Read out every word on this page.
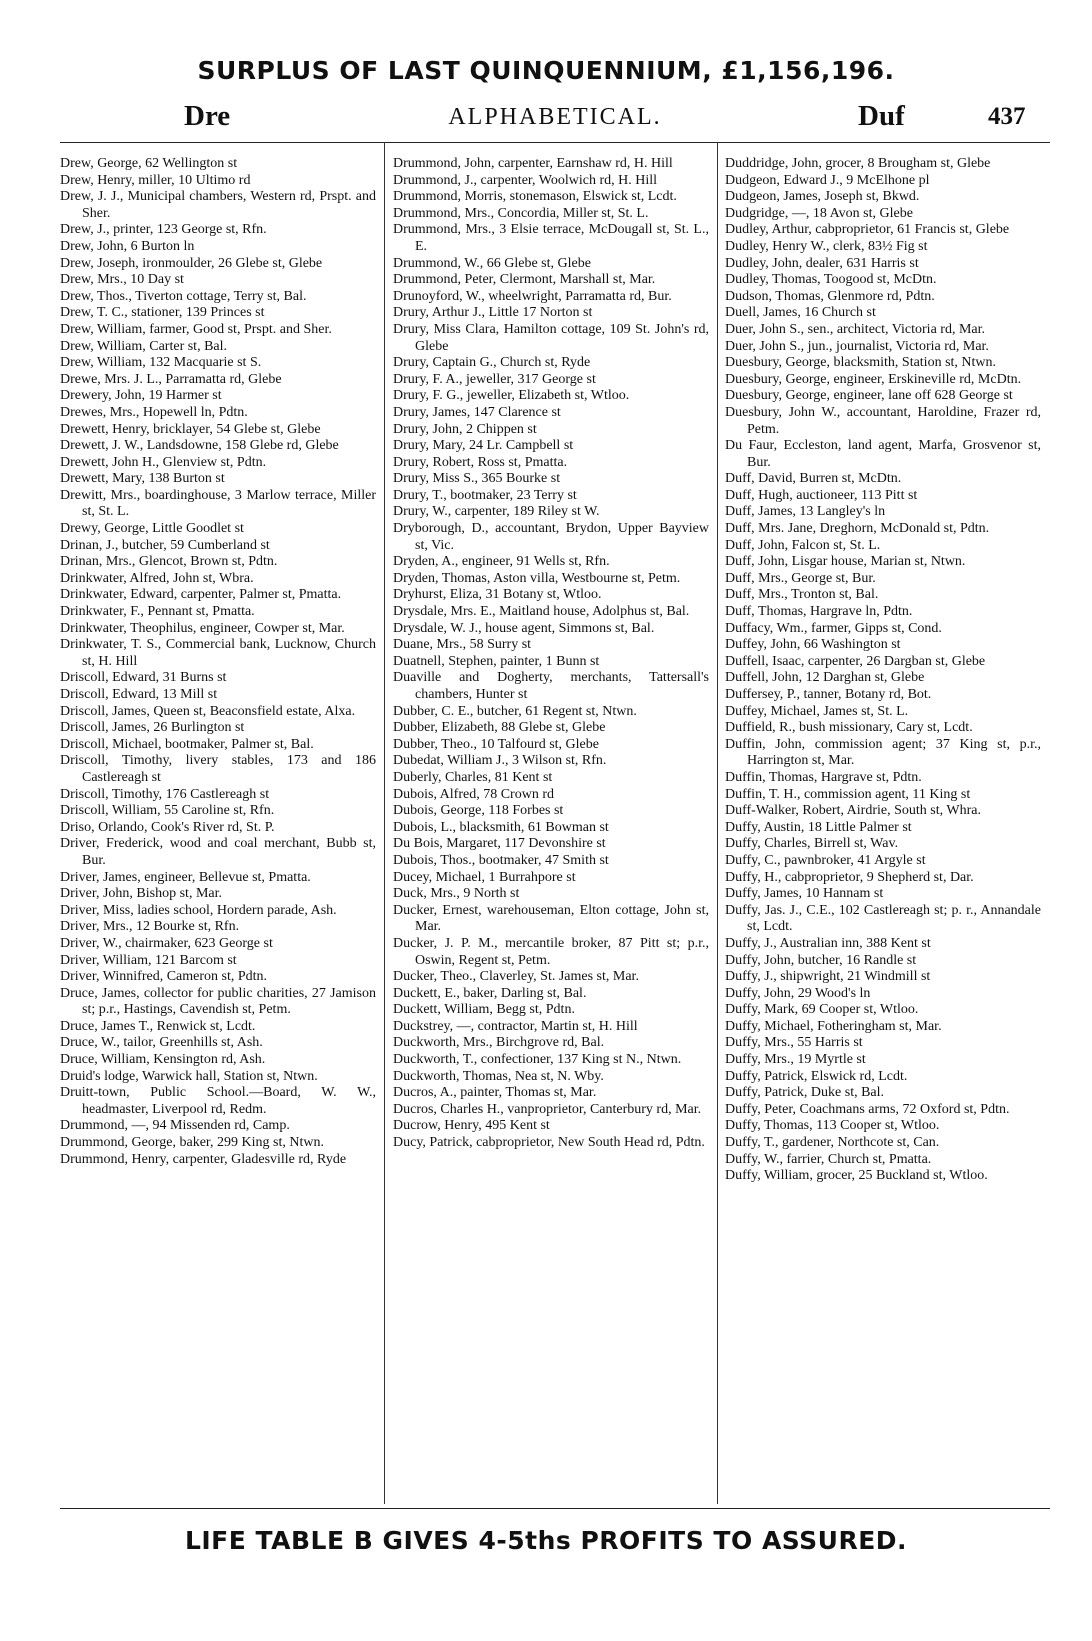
SURPLUS OF LAST QUINQUENNIUM, £1,156,196.
Dre	ALPHABETICAL.	Duf	437

Drew, George, 62 Wellington st

Drew, Henry, miller, 10 Ultimo rd

Drew, J. J., Municipal chambers, Western rd, Prspt. and Sher.

Drew, J., printer, 123 George st, Rfn.

Drew, John, 6 Burton ln

Drew, Joseph, ironmoulder, 26 Glebe st, Glebe

Drew, Mrs., 10 Day st

Drew, Thos., Tiverton cottage, Terry st, Bal.

Drew, T. C., stationer, 139 Princes st

Drew, William, farmer, Good st, Prspt. and Sher.

Drew, William, Carter st, Bal.

Drew, William, 132 Macquarie st S.

Drewe, Mrs. J. L., Parramatta rd, Glebe

Drewery, John, 19 Harmer st

Drewes, Mrs., Hopewell ln, Pdtn.

Drewett, Henry, bricklayer, 54 Glebe st, Glebe

Drewett, J. W., Landsdowne, 158 Glebe rd, Glebe

Drewett, John H., Glenview st, Pdtn.

Drewett, Mary, 138 Burton st

Drewitt, Mrs., boardinghouse, 3 Marlow terrace, Miller st, St. L.

Drewy, George, Little Goodlet st

Drinan, J., butcher, 59 Cumberland st

Drinan, Mrs., Glencot, Brown st, Pdtn.

Drinkwater, Alfred, John st, Wbra.

Drinkwater, Edward, carpenter, Palmer st, Pmatta.

Drinkwater, F., Pennant st, Pmatta.

Drinkwater, Theophilus, engineer, Cowper st, Mar.

Drinkwater, T. S., Commercial bank, Lucknow, Church st, H. Hill

Driscoll, Edward, 31 Burns st

Driscoll, Edward, 13 Mill st

Driscoll, James, Queen st, Beaconsfield estate, Alxa.

Driscoll, James, 26 Burlington st

Driscoll, Michael, bootmaker, Palmer st, Bal.

Driscoll, Timothy, livery stables, 173 and 186 Castlereagh st

Driscoll, Timothy, 176 Castlereagh st

Driscoll, William, 55 Caroline st, Rfn.

Driso, Orlando, Cook's River rd, St. P.

Driver, Frederick, wood and coal merchant, Bubb st, Bur.

Driver, James, engineer, Bellevue st, Pmatta.

Driver, John, Bishop st, Mar.

Driver, Miss, ladies school, Hordern parade, Ash.

Driver, Mrs., 12 Bourke st, Rfn.

Driver, W., chairmaker, 623 George st

Driver, William, 121 Barcom st

Driver, Winnifred, Cameron st, Pdtn.

Druce, James, collector for public charities, 27 Jamison st; p.r., Hastings, Cavendish st, Petm.

Druce, James T., Renwick st, Lcdt.

Druce, W., tailor, Greenhills st, Ash.

Druce, William, Kensington rd, Ash.

Druid's lodge, Warwick hall, Station st, Ntwn.

Druitt-town, Public School.—Board, W. W., headmaster, Liverpool rd, Redm.

Drummond, —, 94 Missenden rd, Camp.

Drummond, George, baker, 299 King st, Ntwn.

Drummond, Henry, carpenter, Gladesville rd, Ryde

Drummond, John, carpenter, Earnshaw rd, H. Hill

Drummond, J., carpenter, Woolwich rd, H. Hill

Drummond, Morris, stonemason, Elswick st, Lcdt.

Drummond, Mrs., Concordia, Miller st, St. L.

Drummond, Mrs., 3 Elsie terrace, McDougall st, St. L., E.

Drummond, W., 66 Glebe st, Glebe

Drummond, Peter, Clermont, Marshall st, Mar.

Drunoyford, W., wheelwright, Parramatta rd, Bur.

Drury, Arthur J., Little 17 Norton st

Drury, Miss Clara, Hamilton cottage, 109 St. John's rd, Glebe

Drury, Captain G., Church st, Ryde

Drury, F. A., jeweller, 317 George st

Drury, F. G., jeweller, Elizabeth st, Wtloo.

Drury, James, 147 Clarence st

Drury, John, 2 Chippen st

Drury, Mary, 24 Lr. Campbell st

Drury, Robert, Ross st, Pmatta.

Drury, Miss S., 365 Bourke st

Drury, T., bootmaker, 23 Terry st

Drury, W., carpenter, 189 Riley st W.

Dryborough, D., accountant, Brydon, Upper Bayview st, Vic.

Dryden, A., engineer, 91 Wells st, Rfn.

Dryden, Thomas, Aston villa, Westbourne st, Petm.

Dryhurst, Eliza, 31 Botany st, Wtloo.

Drysdale, Mrs. E., Maitland house, Adolphus st, Bal.

Drysdale, W. J., house agent, Simmons st, Bal.

Duane, Mrs., 58 Surry st

Duatnell, Stephen, painter, 1 Bunn st

Duaville and Dogherty, merchants, Tattersall's chambers, Hunter st

Dubber, C. E., butcher, 61 Regent st, Ntwn.

Dubber, Elizabeth, 88 Glebe st, Glebe

Dubber, Theo., 10 Talfourd st, Glebe

Dubedat, William J., 3 Wilson st, Rfn.

Duberly, Charles, 81 Kent st

Dubois, Alfred, 78 Crown rd

Dubois, George, 118 Forbes st

Dubois, L., blacksmith, 61 Bowman st

Du Bois, Margaret, 117 Devonshire st

Dubois, Thos., bootmaker, 47 Smith st

Ducey, Michael, 1 Burrahpore st

Duck, Mrs., 9 North st

Ducker, Ernest, warehouseman, Elton cottage, John st, Mar.

Ducker, J. P. M., mercantile broker, 87 Pitt st; p.r., Oswin, Regent st, Petm.

Ducker, Theo., Claverley, St. James st, Mar.

Duckett, E., baker, Darling st, Bal.

Duckett, William, Begg st, Pdtn.

Duckstrey, —, contractor, Martin st, H. Hill

Duckworth, Mrs., Birchgrove rd, Bal.

Duckworth, T., confectioner, 137 King st N., Ntwn.

Duckworth, Thomas, Nea st, N. Wby.

Ducros, A., painter, Thomas st, Mar.

Ducros, Charles H., vanproprietor, Canterbury rd, Mar.

Ducrow, Henry, 495 Kent st

Ducy, Patrick, cabproprietor, New South Head rd, Pdtn.

Duddridge, John, grocer, 8 Brougham st, Glebe

Dudgeon, Edward J., 9 McElhone pl

Dudgeon, James, Joseph st, Bkwd.

Dudgridge, —, 18 Avon st, Glebe

Dudley, Arthur, cabproprietor, 61 Francis st, Glebe

Dudley, Henry W., clerk, 83½ Fig st

Dudley, John, dealer, 631 Harris st

Dudley, Thomas, Toogood st, McDtn.

Dudson, Thomas, Glenmore rd, Pdtn.

Duell, James, 16 Church st

Duer, John S., sen., architect, Victoria rd, Mar.

Duer, John S., jun., journalist, Victoria rd, Mar.

Duesbury, George, blacksmith, Station st, Ntwn.

Duesbury, George, engineer, Erskineville rd, McDtn.

Duesbury, George, engineer, lane off 628 George st

Duesbury, John W., accountant, Haroldine, Frazer rd, Petm.

Du Faur, Eccleston, land agent, Marfa, Grosvenor st, Bur.

Duff, David, Burren st, McDtn.

Duff, Hugh, auctioneer, 113 Pitt st

Duff, James, 13 Langley's ln

Duff, Mrs. Jane, Dreghorn, McDonald st, Pdtn.

Duff, John, Falcon st, St. L.

Duff, John, Lisgar house, Marian st, Ntwn.

Duff, Mrs., George st, Bur.

Duff, Mrs., Tronton st, Bal.

Duff, Thomas, Hargrave ln, Pdtn.

Duffacy, Wm., farmer, Gipps st, Cond.

Duffey, John, 66 Washington st

Duffell, Isaac, carpenter, 26 Dargban st, Glebe

Duffell, John, 12 Darghan st, Glebe

Duffersey, P., tanner, Botany rd, Bot.

Duffey, Michael, James st, St. L.

Duffield, R., bush missionary, Cary st, Lcdt.

Duffin, John, commission agent; 37 King st, p.r., Harrington st, Mar.

Duffin, Thomas, Hargrave st, Pdtn.

Duffin, T. H., commission agent, 11 King st

Duff-Walker, Robert, Airdrie, South st, Whra.

Duffy, Austin, 18 Little Palmer st

Duffy, Charles, Birrell st, Wav.

Duffy, C., pawnbroker, 41 Argyle st

Duffy, H., cabproprietor, 9 Shepherd st, Dar.

Duffy, James, 10 Hannam st

Duffy, Jas. J., C.E., 102 Castlereagh st; p. r., Annandale st, Lcdt.

Duffy, J., Australian inn, 388 Kent st

Duffy, John, butcher, 16 Randle st

Duffy, J., shipwright, 21 Windmill st

Duffy, John, 29 Wood's ln

Duffy, Mark, 69 Cooper st, Wtloo.

Duffy, Michael, Fotheringham st, Mar.

Duffy, Mrs., 55 Harris st

Duffy, Mrs., 19 Myrtle st

Duffy, Patrick, Elswick rd, Lcdt.

Duffy, Patrick, Duke st, Bal.

Duffy, Peter, Coachmans arms, 72 Oxford st, Pdtn.

Duffy, Thomas, 113 Cooper st, Wtloo.

Duffy, T., gardener, Northcote st, Can.

Duffy, W., farrier, Church st, Pmatta.

Duffy, William, grocer, 25 Buckland st, Wtloo.

LIFE TABLE B GIVES 4-5ths PROFITS TO ASSURED.
